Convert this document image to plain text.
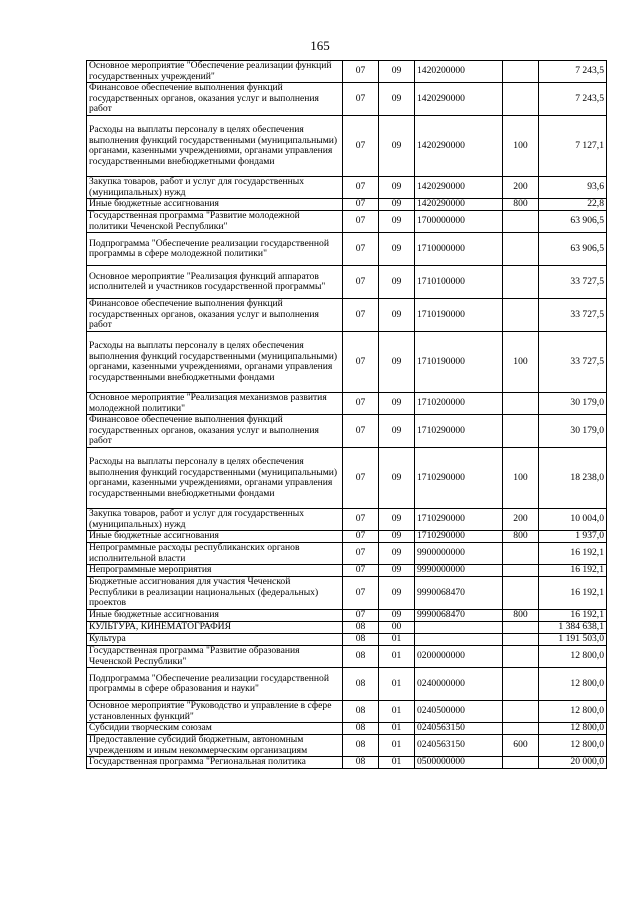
165
Основное мероприятие "Обеспечение реализации функций государственных учреждений"	07	09	1420200000		7 243,5
Финансовое обеспечение выполнения функций государственных органов, оказания услуг и выполнения работ	07	09	1420290000		7 243,5
Расходы на выплаты персоналу в целях обеспечения выполнения функций государственными (муниципальными) органами, казенными учреждениями, органами управления государственными внебюджетными фондами	07	09	1420290000	100	7 127,1
Закупка товаров, работ и услуг для государственных (муниципальных) нужд	07	09	1420290000	200	93,6
Иные бюджетные ассигнования	07	09	1420290000	800	22,8
Государственная программа "Развитие молодежной политики Чеченской Республики"	07	09	1700000000		63 906,5
Подпрограмма "Обеспечение реализации государственной программы в сфере молодежной политики"	07	09	1710000000		63 906,5
Основное мероприятие "Реализация функций аппаратов исполнителей и участников государственной программы"	07	09	1710100000		33 727,5
Финансовое обеспечение выполнения функций государственных органов, оказания услуг и выполнения работ	07	09	1710190000		33 727,5
Расходы на выплаты персоналу в целях обеспечения выполнения функций государственными (муниципальными) органами, казенными учреждениями, органами управления государственными внебюджетными фондами	07	09	1710190000	100	33 727,5
Основное мероприятие "Реализация механизмов развития молодежной политики"	07	09	1710200000		30 179,0
Финансовое обеспечение выполнения функций государственных органов, оказания услуг и выполнения работ	07	09	1710290000		30 179,0
Расходы на выплаты персоналу в целях обеспечения выполнения функций государственными (муниципальными) органами, казенными учреждениями, органами управления государственными внебюджетными фондами	07	09	1710290000	100	18 238,0
Закупка товаров, работ и услуг для государственных (муниципальных) нужд	07	09	1710290000	200	10 004,0
Иные бюджетные ассигнования	07	09	1710290000	800	1 937,0
Непрограммные расходы республиканских органов исполнительной власти	07	09	9900000000		16 192,1
Непрограммные мероприятия	07	09	9990000000		16 192,1
Бюджетные ассигнования для участия Чеченской Республики в реализации национальных (федеральных) проектов	07	09	9990068470		16 192,1
Иные бюджетные ассигнования	07	09	9990068470	800	16 192,1
КУЛЬТУРА, КИНЕМАТОГРАФИЯ	08	00			1 384 638,1
Культура	08	01			1 191 503,0
Государственная программа "Развитие образования Чеченской Республики"	08	01	0200000000		12 800,0
Подпрограмма "Обеспечение реализации государственной программы в сфере образования и науки"	08	01	0240000000		12 800,0
Основное мероприятие "Руководство и управление в сфере установленных функций"	08	01	0240500000		12 800,0
Субсидии творческим союзам	08	01	0240563150		12 800,0
Предоставление субсидий бюджетным, автономным учреждениям и иным некоммерческим организациям	08	01	0240563150	600	12 800,0
Государственная программа "Региональная политика	08	01	0500000000		20 000,0
